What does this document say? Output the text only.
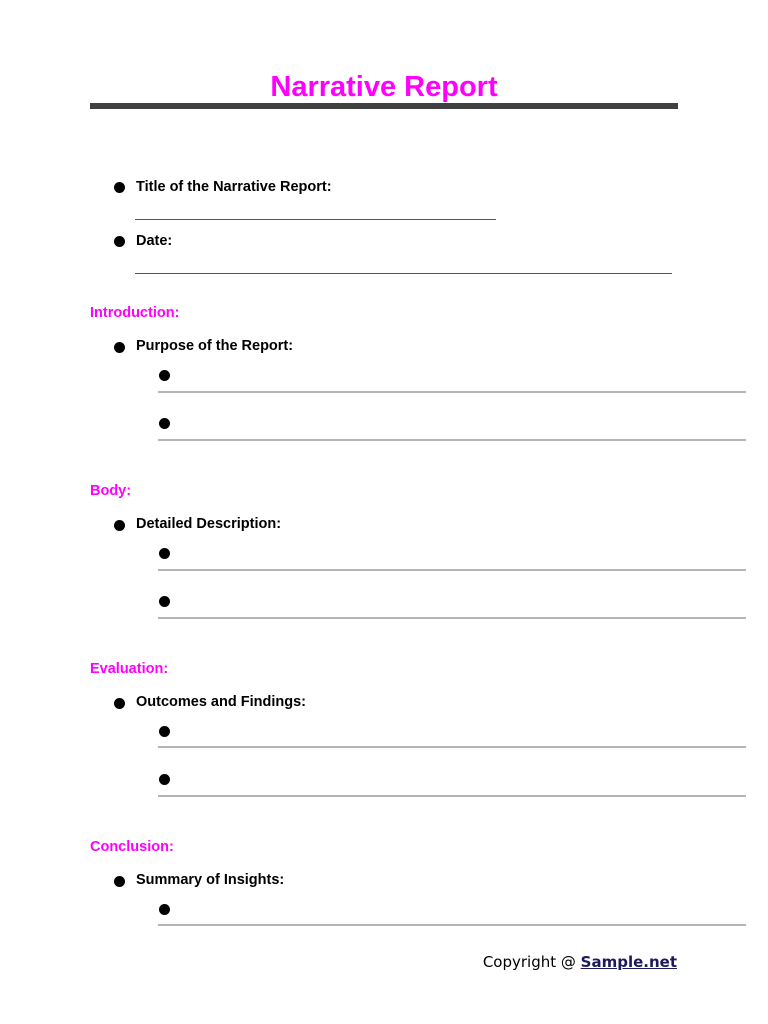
Narrative Report
Title of the Narrative Report:
Date:
Introduction:
Purpose of the Report:
Body:
Detailed Description:
Evaluation:
Outcomes and Findings:
Conclusion:
Summary of Insights:
Copyright @ Sample.net
